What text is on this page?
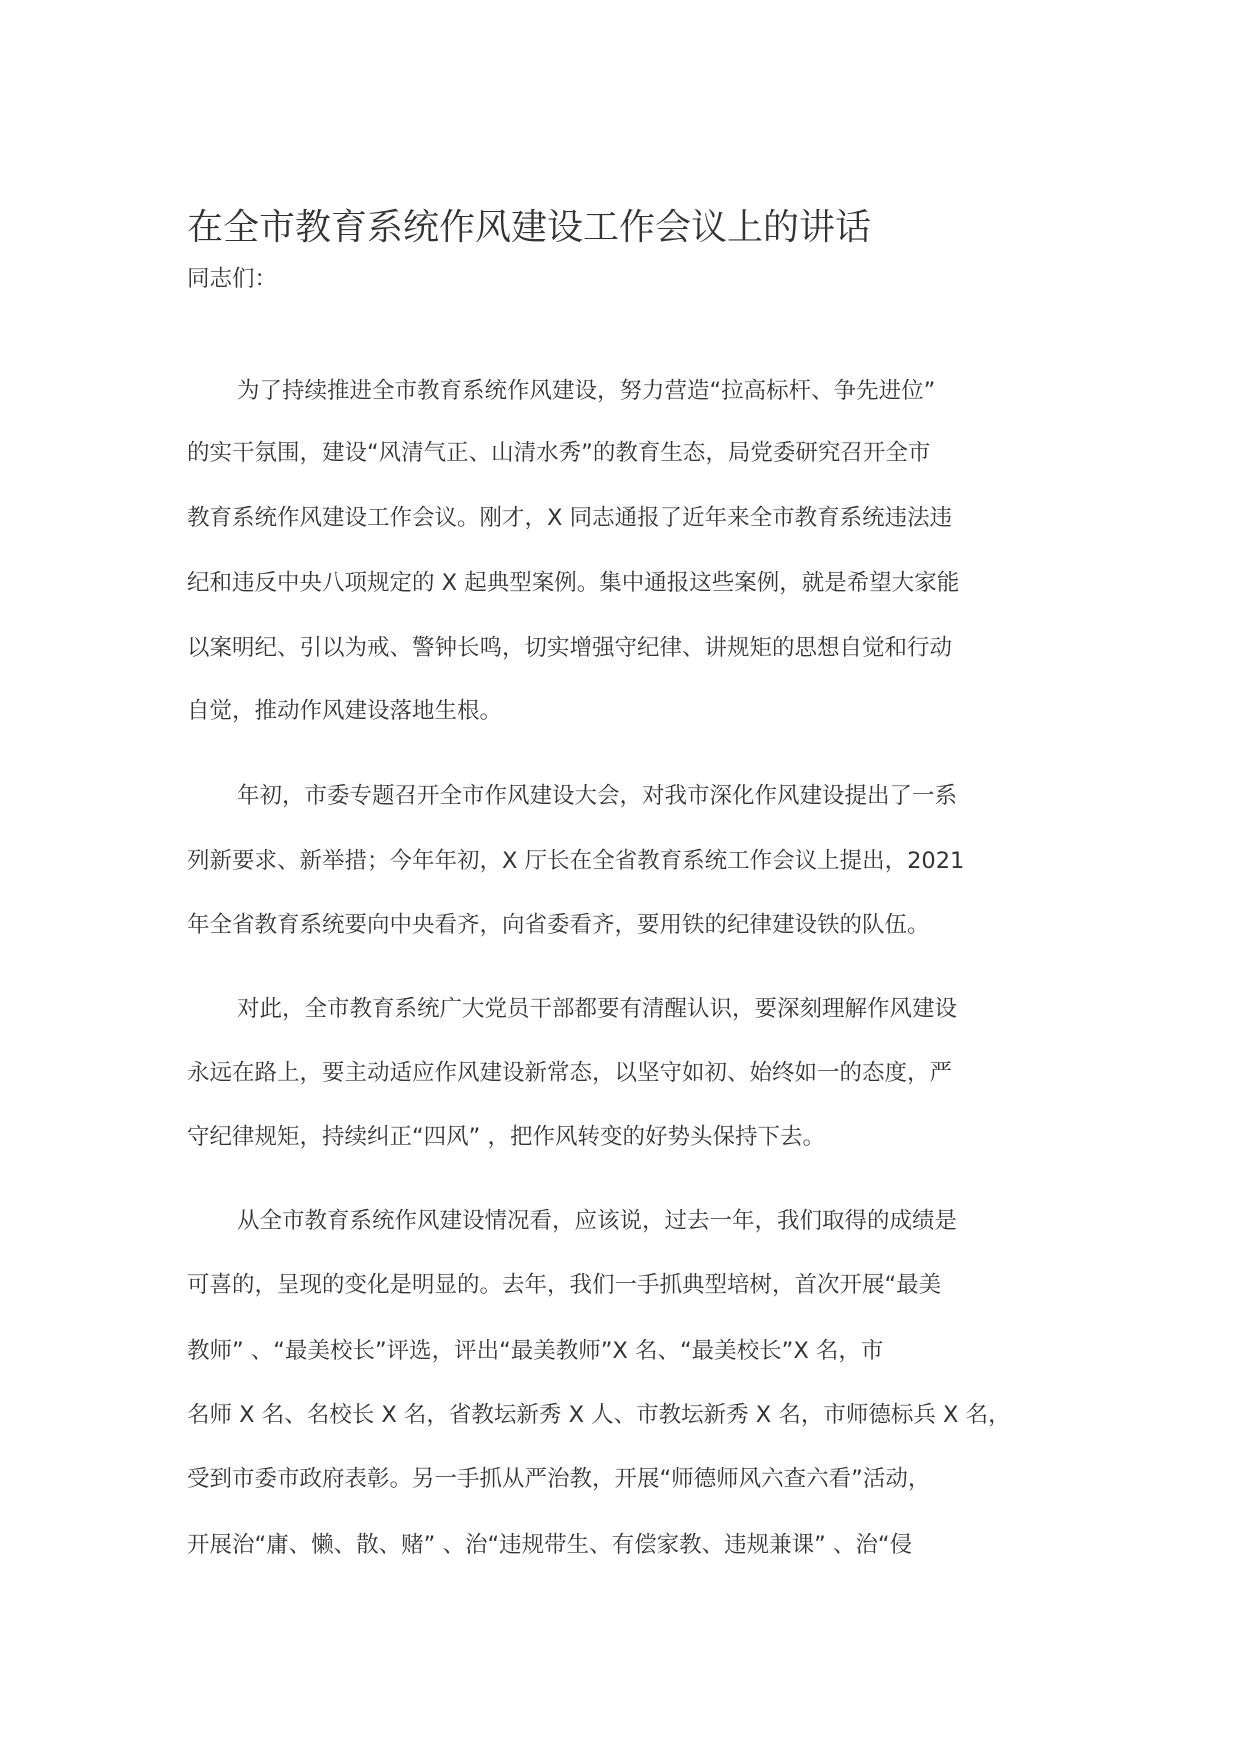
在全市教育系统作风建设工作会议上的讲话

同志们：

为了持续推进全市教育系统作风建设，努力营造“拉高标杆、争先进位”

的实干氛围，建设“风清气正、山清水秀”的教育生态，局党委研究召开全市

教育系统作风建设工作会议。刚才，X 同志通报了近年来全市教育系统违法违

纪和违反中央八项规定的 X 起典型案例。集中通报这些案例，就是希望大家能

以案明纪、引以为戒、警钟长鸣，切实增强守纪律、讲规矩的思想自觉和行动

自觉，推动作风建设落地生根。

年初，市委专题召开全市作风建设大会，对我市深化作风建设提出了一系

列新要求、新举措；今年年初，X 厅长在全省教育系统工作会议上提出，2021

年全省教育系统要向中央看齐，向省委看齐，要用铁的纪律建设铁的队伍。

对此，全市教育系统广大党员干部都要有清醒认识，要深刻理解作风建设

永远在路上，要主动适应作风建设新常态，以坚守如初、始终如一的态度，严

守纪律规矩，持续纠正“四风” ，把作风转变的好势头保持下去。

从全市教育系统作风建设情况看，应该说，过去一年，我们取得的成绩是

可喜的，呈现的变化是明显的。去年，我们一手抓典型培树，首次开展“最美

教师” 、“最美校长”评选，评出“最美教师”X 名、“最美校长”X 名，市

名师 X 名、名校长 X 名，省教坛新秀 X 人、市教坛新秀 X 名，市师德标兵 X 名，

受到市委市政府表彰。另一手抓从严治教，开展“师德师风六查六看”活动，

开展治“庸、懒、散、赌” 、治“违规带生、有偿家教、违规兼课” 、治“侵
